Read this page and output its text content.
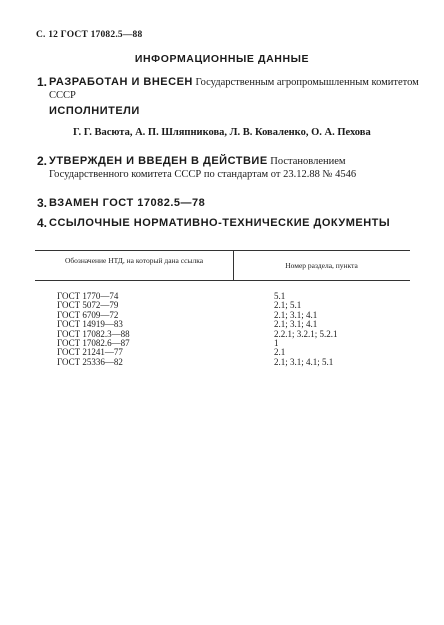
С. 12 ГОСТ 17082.5—88
ИНФОРМАЦИОННЫЕ ДАННЫЕ
1. РАЗРАБОТАН И ВНЕСЕН Государственным агропромышленным комитетом СССР
ИСПОЛНИТЕЛИ
Г. Г. Васюта, А. П. Шляпникова, Л. В. Коваленко, О. А. Пехова
2. УТВЕРЖДЕН И ВВЕДЕН В ДЕЙСТВИЕ Постановлением Государственного комитета СССР по стандартам от 23.12.88 № 4546
3. ВЗАМЕН ГОСТ 17082.5—78
4. ССЫЛОЧНЫЕ НОРМАТИВНО-ТЕХНИЧЕСКИЕ ДОКУМЕНТЫ
Обозначение НТД, на который дана ссылка
Номер раздела, пункта
ГОСТ 1770—74	5.1
ГОСТ 5072—79	2.1; 5.1
ГОСТ 6709—72	2.1; 3.1; 4.1
ГОСТ 14919—83	2.1; 3.1; 4.1
ГОСТ 17082.3—88	2.2.1; 3.2.1; 5.2.1
ГОСТ 17082.6—87	1
ГОСТ 21241—77	2.1
ГОСТ 25336—82	2.1; 3.1; 4.1; 5.1
